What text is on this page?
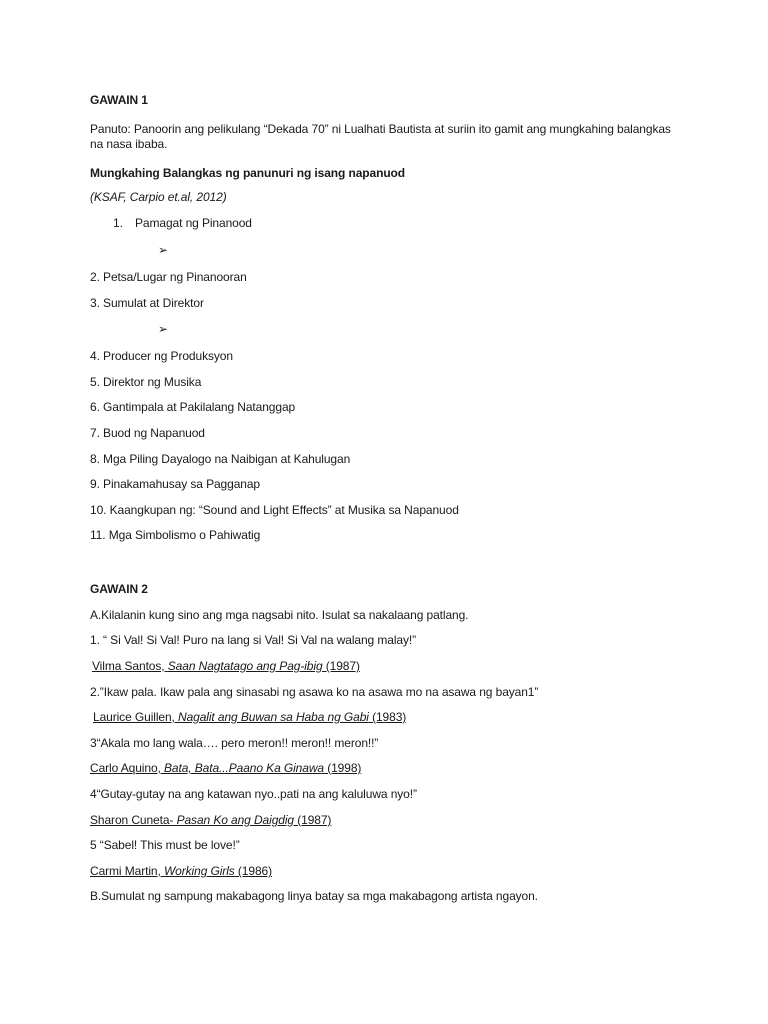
GAWAIN 1
Panuto: Panoorin ang pelikulang “Dekada 70” ni Lualhati Bautista at suriin ito gamit ang mungkahing balangkas na nasa ibaba.
Mungkahing Balangkas ng panunuri ng isang napanuod
(KSAF, Carpio et.al, 2012)
1. Pamagat ng Pinanood
➢
2. Petsa/Lugar ng Pinanooran
3. Sumulat at Direktor
➢
4. Producer ng Produksyon
5. Direktor ng Musika
6. Gantimpala at Pakilalang Natanggap
7. Buod ng Napanuod
8. Mga Piling Dayalogo na Naibigan at Kahulugan
9. Pinakamahusay sa Pagganap
10. Kaangkupan ng: “Sound and Light Effects” at Musika sa Napanuod
11. Mga Simbolismo o Pahiwatig
GAWAIN 2
A.Kilalanin kung sino ang mga nagsabi nito. Isulat sa nakalaang patlang.
1. “ Si Val! Si Val! Puro na lang si Val! Si Val na walang malay!”
Vilma Santos, Saan Nagtatago ang Pag-ibig (1987)
2.”Ikaw pala. Ikaw pala ang sinasabi ng asawa ko na asawa mo na asawa ng bayan1”
Laurice Guillen, Nagalit ang Buwan sa Haba ng Gabi (1983)
3“Akala mo lang wala…. pero meron!! meron!! meron!!”
Carlo Aquino, Bata, Bata...Paano Ka Ginawa (1998)
4“Gutay-gutay na ang katawan nyo..pati na ang kaluluwa nyo!”
Sharon Cuneta- Pasan Ko ang Daigdig (1987)
5 “Sabel! This must be love!”
Carmi Martin, Working Girls (1986)
B.Sumulat ng sampung makabagong linya batay sa mga makabagong artista ngayon.
